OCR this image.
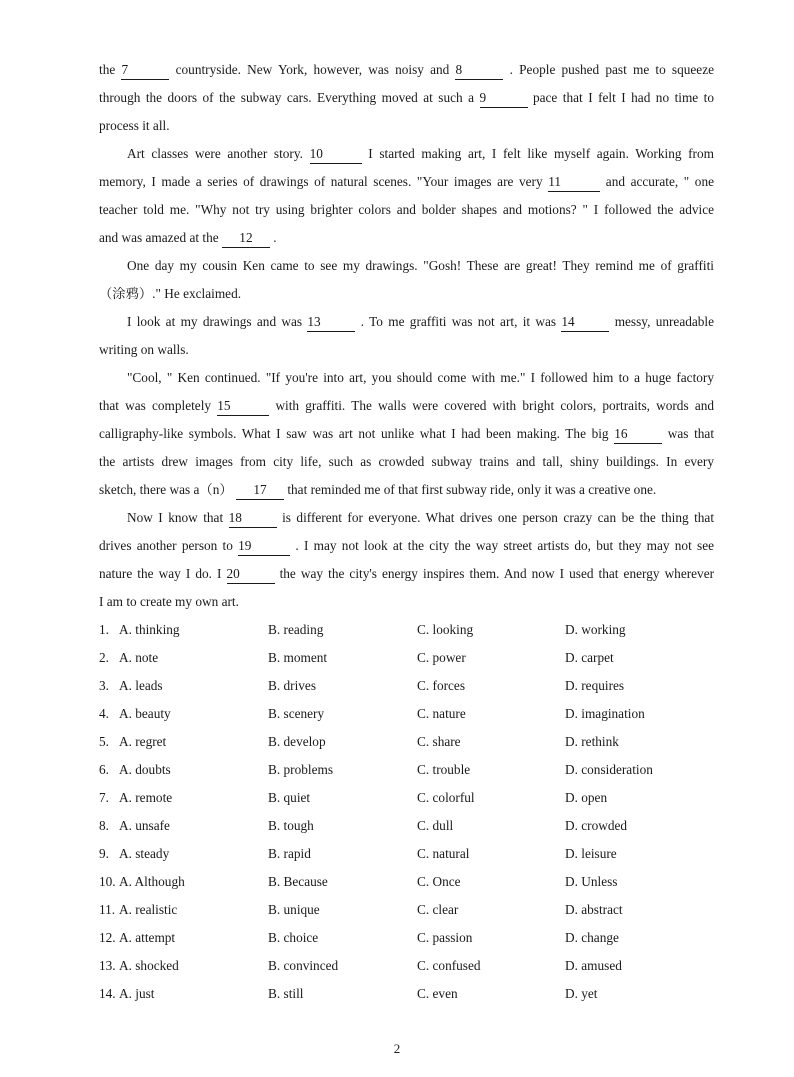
the 7	countryside. New York, however, was noisy and 8	. People pushed past me to squeeze
through the doors of the subway cars. Everything moved at such a 9	pace that I felt I had no time to
process it all.
Art classes were another story. 10	I started making art, I felt like myself again. Working from
memory, I made a series of drawings of natural scenes. "Your images are very 11	and accurate, " one
teacher told me. "Why not try using brighter colors and bolder shapes and motions? " I followed the advice
and was amazed at the 12 .
One day my cousin Ken came to see my drawings. "Gosh! These are great! They remind me of graffiti
（涂鸦）." He exclaimed.
I look at my drawings and was 13	. To me graffiti was not art, it was 14	messy, unreadable
writing on walls.
"Cool, " Ken continued. "If you're into art, you should come with me." I followed him to a huge factory
that was completely 15	with graffiti. The walls were covered with bright colors, portraits, words and
calligraphy-like symbols. What I saw was art not unlike what I had been making. The big 16	was that
the artists drew images from city life, such as crowded subway trains and tall, shiny buildings. In every
sketch, there was a（n） 17 that reminded me of that first subway ride, only it was a creative one.
Now I know that 18	is different for everyone. What drives one person crazy can be the thing that
drives another person to 19	. I may not look at the city the way street artists do, but they may not see
nature the way I do. I 20	the way the city's energy inspires them. And now I used that energy wherever
I am to create my own art.
1. A. thinking	B. reading	C. looking	D. working
2. A. note	B. moment	C. power	D. carpet
3. A. leads	B. drives	C. forces	D. requires
4. A. beauty	B. scenery	C. nature	D. imagination
5. A. regret	B. develop	C. share	D. rethink
6. A. doubts	B. problems	C. trouble	D. consideration
7. A. remote	B. quiet	C. colorful	D. open
8. A. unsafe	B. tough	C. dull	D. crowded
9. A. steady	B. rapid	C. natural	D. leisure
10. A. Although	B. Because	C. Once	D. Unless
11. A. realistic	B. unique	C. clear	D. abstract
12. A. attempt	B. choice	C. passion	D. change
13. A. shocked	B. convinced	C. confused	D. amused
14. A. just	B. still	C. even	D. yet
2
